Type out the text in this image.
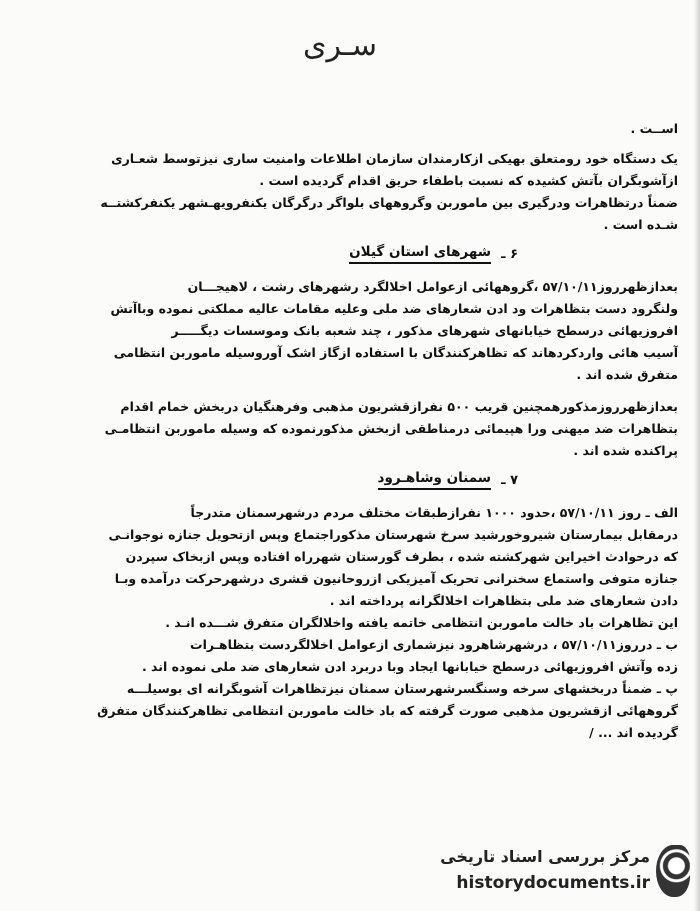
سـری
اســت .
یک دستگاه خود رومتعلق بهیکی ازکارمندان سازمان اطلاعات وامنیت ساری نیزتوسط شعـاری
ازآشوبگران بآتش کشیده که نسبت باطفاء حریق اقدام گردیده است .
ضمناً درتظاهرات ودرگیری بین ماموربن وگروههای بلواگر درگرگان یکنفرویهـشهر یکنفرکشتــه
شـده است .
۶ ـ
شهرهای استان گیلان
بعدازظهرروز۵۷/۱۰/۱۱ ،گروههائی ازعوامل اخلالگرد رشهرهای رشت ، لاهیجـــان
ولنگرود دست بتظاهرات ود ادن شعارهای ضد ملی وعلیه مقامات عالیه مملکتی نموده وباآتش
افروزیهائی درسطح خیابانهای شهرهای مذکور ، چند شعبه بانک وموسسات دیگـــــر
آسیب هائی واردکردهاند که تظاهرکنندگان با استفاده ازگاز اشک آوروسیله ماموربن انتظامی
متفرق شده اند .
بعدازظهرروزمذکورهمچنین قریب ۵۰۰ نفرازقشریون مذهبی وفرهنگیان دربخش خمام اقدام
بتظاهرات ضد میهنی ورا هپیمائی درمناطقی ازبخش مذکورنموده که وسیله ماموربن انتظامـی
پراکنده شده اند .
۷ ـ
سمنان وشاهـرود
الف ـ روز ۵۷/۱۰/۱۱ ،حدود ۱۰۰۰ نفرازطبقات مختلف مردم درشهرسمنان متدرجاً
درمقابل بیمارستان شیروخورشید سرخ شهرستان مذکوراجتماع وپس ازتحویل جنازه نوجوانـی
که درحوادث اخیراین شهرکشته شده ، بطرف گورستان شهرراه افتاده وپس ازبخاک سپردن
جنازه متوفی واستماع سخنرانی تحریک آمیزیکی ازروحانیون قشری درشهرحرکت درآمده وبـا
دادن شعارهای ضد ملی بتظاهرات اخلالگرانه پرداخته اند .
این تظاهرات باد خالت ماموربن انتظامی خاتمه یافته واخلالگران متفرق شـــده انـد .
ب ـ درروز۵۷/۱۰/۱۱ ، درشهرشاهرود نیزشماری ازعوامل اخلالگردست بتظاهـرات
زده وآتش افروزیهائی درسطح خیابانها ایجاد وبا دربرد ادن شعارهای ضد ملی نموده اند .
پ ـ ضمناً دربخشهای سرخه وسنگسرشهرستان سمنان نیزتظاهرات آشوبگرانه ای بوسیلـــه
گروههائی ازقشریون مذهبی صورت گرفته که باد خالت ماموربن انتظامی تظاهرکنندگان متفرق
گردیده اند ... /
مرکز بررسی اسناد تاریخی
historydocuments.ir
